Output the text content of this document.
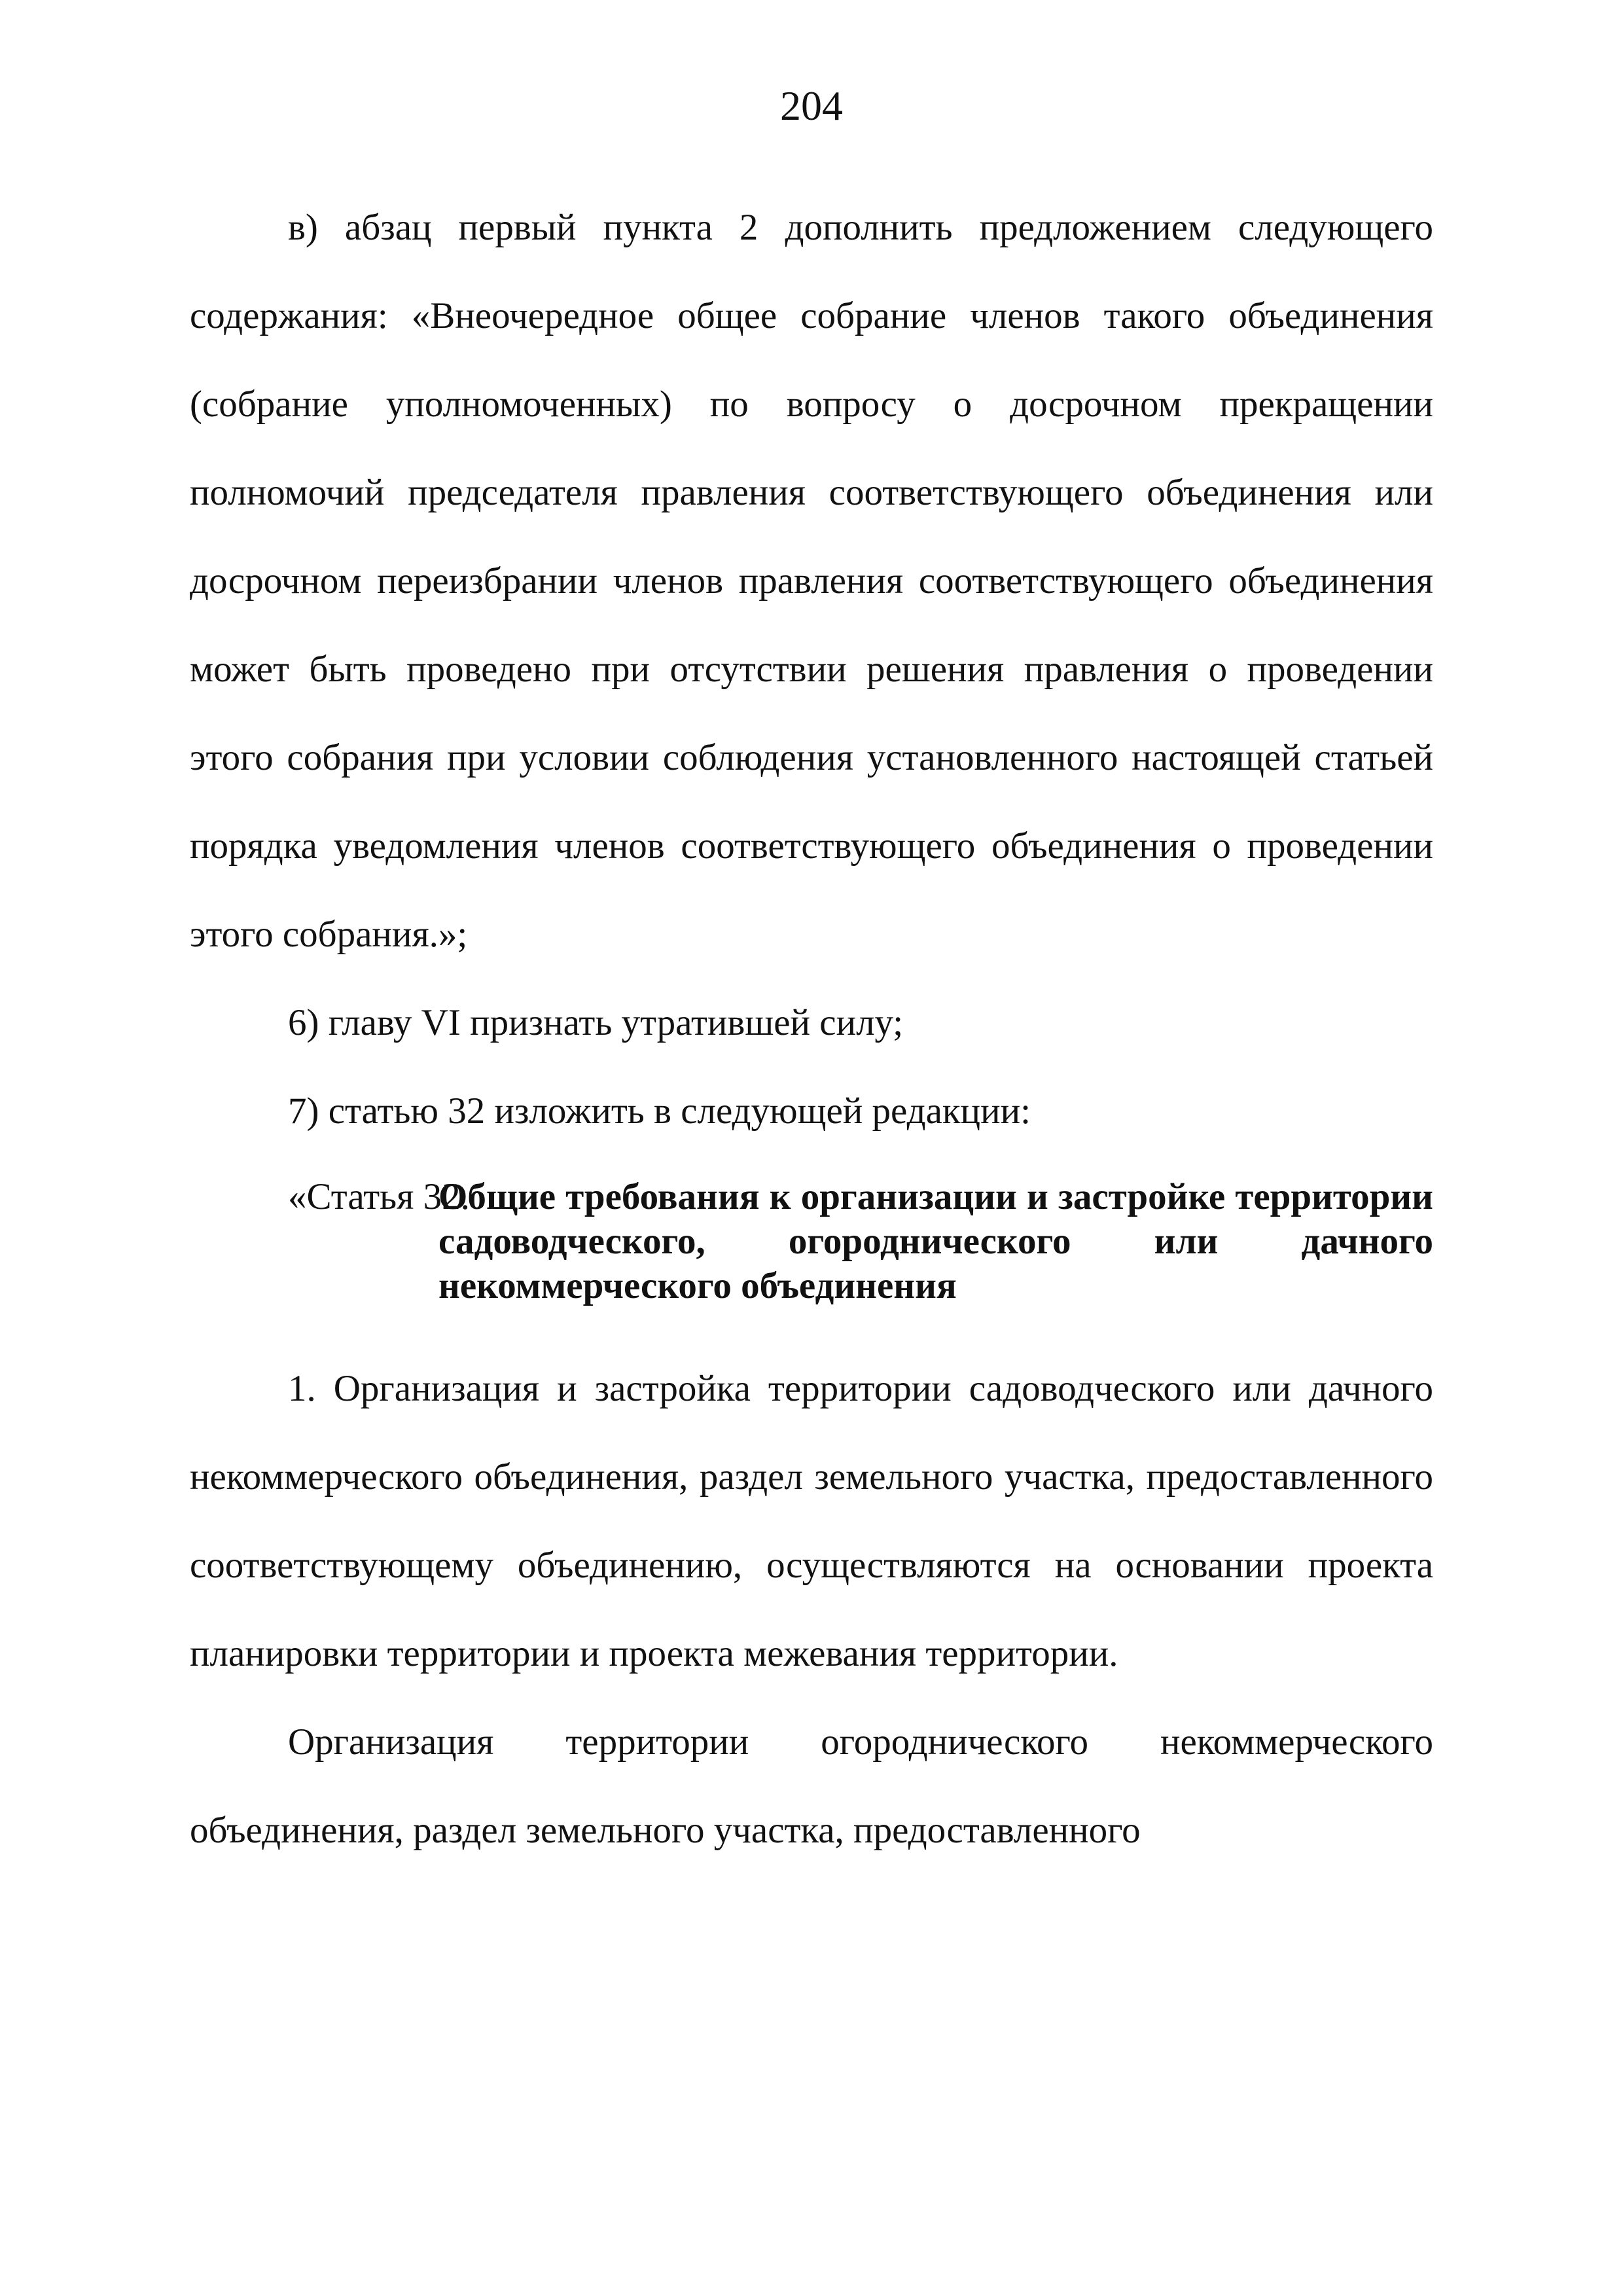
204

в) абзац первый пункта 2 дополнить предложением следующего содержания: «Внеочередное общее собрание членов такого объединения (собрание уполномоченных) по вопросу о досрочном прекращении полномочий председателя правления соответствующего объединения или досрочном переизбрании членов правления соответствующего объединения может быть проведено при отсутствии решения правления о проведении этого собрания при условии соблюдения установленного настоящей статьей порядка уведомления членов соответствующего объединения о проведении этого собрания.»;

6) главу VI признать утратившей силу;

7) статью 32 изложить в следующей редакции:

«Статья 32.
Общие требования к организации и застройке территории садоводческого, огороднического или дачного некоммерческого объединения

1. Организация и застройка территории садоводческого или дачного некоммерческого объединения, раздел земельного участка, предоставленного соответствующему объединению, осуществляются на основании проекта планировки территории и проекта межевания территории.

Организация территории огороднического некоммерческого объединения, раздел земельного участка, предоставленного
